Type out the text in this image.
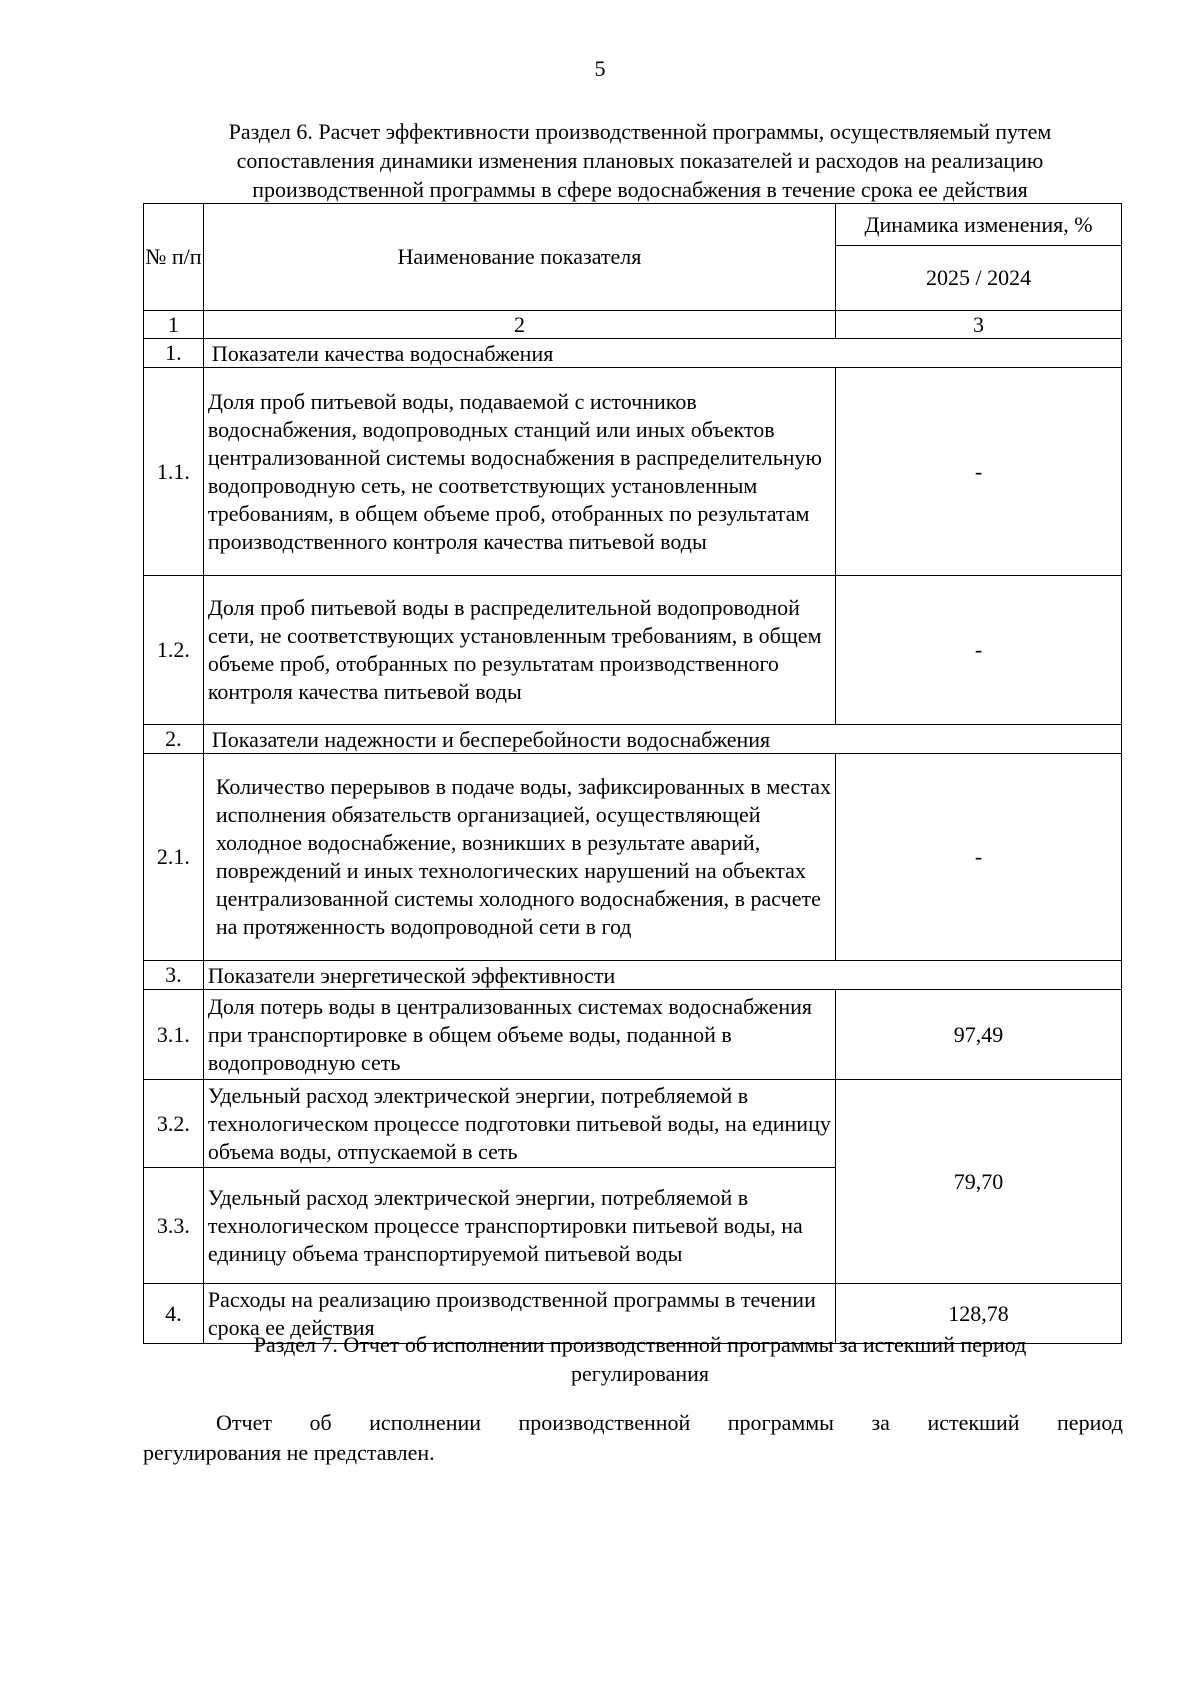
5
Раздел 6. Расчет эффективности производственной программы, осуществляемый путем
сопоставления динамики изменения плановых показателей и расходов на реализацию
производственной программы в сфере водоснабжения в течение срока ее действия
№ п/п	Наименование показателя	Динамика изменения, %
		2025 / 2024
1	2	3
1.	Показатели качества водоснабжения	
1.1.	Доля проб питьевой воды, подаваемой с источников водоснабжения, водопроводных станций или иных объектов централизованной системы водоснабжения в распределительную водопроводную сеть, не соответствующих установленным требованиям, в общем объеме проб, отобранных по результатам производственного контроля качества питьевой воды	-
1.2.	Доля проб питьевой воды в распределительной водопроводной сети, не соответствующих установленным требованиям, в общем объеме проб, отобранных по результатам производственного контроля качества питьевой воды	-
2.	Показатели надежности и бесперебойности водоснабжения	
2.1.	Количество перерывов в подаче воды, зафиксированных в местах исполнения обязательств организацией, осуществляющей холодное водоснабжение, возникших в результате аварий, повреждений и иных технологических нарушений на объектах централизованной системы холодного водоснабжения, в расчете на протяженность водопроводной сети в год	-
3.	Показатели энергетической эффективности	
3.1.	Доля потерь воды в централизованных системах водоснабжения при транспортировке в общем объеме воды, поданной в водопроводную сеть	97,49
3.2.	Удельный расход электрической энергии, потребляемой в технологическом процессе подготовки питьевой воды, на единицу объема воды, отпускаемой в сеть	79,70
3.3.	Удельный расход электрической энергии, потребляемой в технологическом процессе транспортировки питьевой воды, на единицу объема транспортируемой питьевой воды	
4.	Расходы на реализацию производственной программы в течении срока ее действия	128,78
Раздел 7. Отчет об исполнении производственной программы за истекший период
регулирования
Отчет об исполнении производственной программы за истекший период
регулирования не представлен.
